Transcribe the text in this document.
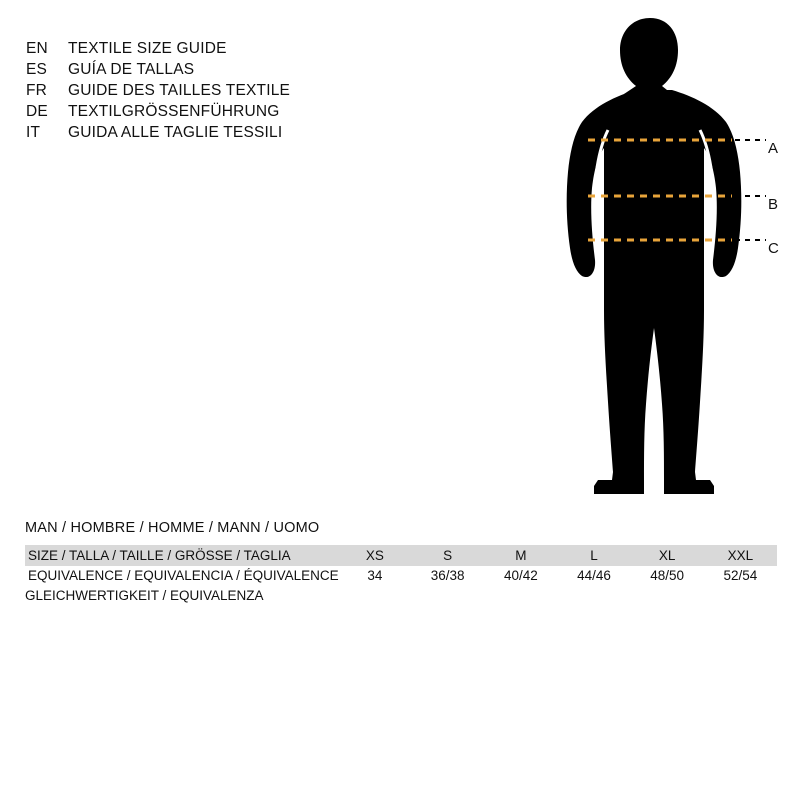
EN	TEXTILE SIZE GUIDE
ES	GUÍA DE TALLAS
FR	GUIDE DES TAILLES TEXTILE
DE	TEXTILGRÖSSENFÜHRUNG
IT	GUIDA ALLE TAGLIE TESSILI
A
B
C
MAN / HOMBRE / HOMME / MANN / UOMO
SIZE / TALLA / TAILLE / GRÖSSE / TAGLIA	XS	S	M	L	XL	XXL
EQUIVALENCE / EQUIVALENCIA / ÉQUIVALENCE	34	36/38	40/42	44/46	48/50	52/54
GLEICHWERTIGKEIT / EQUIVALENZA						
